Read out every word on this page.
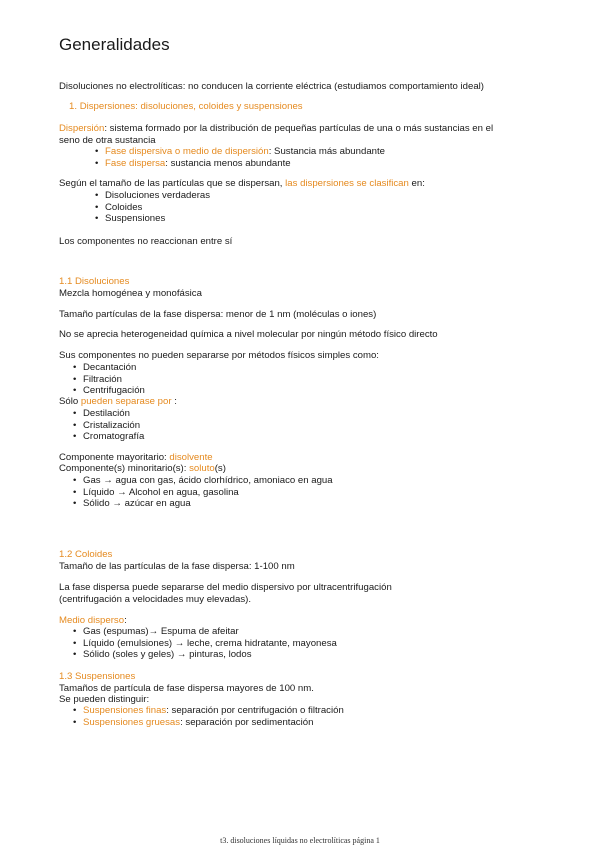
Generalidades
Disoluciones no electrolíticas: no conducen la corriente eléctrica (estudiamos comportamiento ideal)
1. Dispersiones: disoluciones, coloides y suspensiones
Dispersión: sistema formado por la distribución de pequeñas partículas de una o más sustancias en el seno de otra sustancia
• Fase dispersiva o medio de dispersión: Sustancia más abundante
• Fase dispersa: sustancia menos abundante
Según el tamaño de las partículas que se dispersan, las dispersiones se clasifican en:
• Disoluciones verdaderas
• Coloides
• Suspensiones
Los componentes no reaccionan entre sí
1.1 Disoluciones
Mezcla homogénea y monofásica
Tamaño partículas de la fase dispersa: menor de 1 nm (moléculas o iones)
No se aprecia heterogeneidad química a nivel molecular por ningún método físico directo
Sus componentes no pueden separarse por métodos físicos simples como:
• Decantación
• Filtración
• Centrifugación
Sólo pueden separase por :
• Destilación
• Cristalización
• Cromatografía
Componente mayoritario: disolvente
Componente(s) minoritario(s): soluto(s)
• Gas → agua con gas, ácido clorhídrico, amoniaco en agua
• Líquido → Alcohol en agua, gasolina
• Sólido → azúcar en agua
1.2 Coloides
Tamaño de las partículas de la fase dispersa: 1-100 nm
La fase dispersa puede separarse del medio dispersivo por ultracentrifugación
(centrifugación a velocidades muy elevadas).
Medio disperso:
• Gas (espumas)→ Espuma de afeitar
• Líquido (emulsiones) → leche, crema hidratante, mayonesa
• Sólido (soles y geles) → pinturas, lodos
1.3 Suspensiones
Tamaños de partícula de fase dispersa mayores de 100 nm.
Se pueden distinguir:
• Suspensiones finas: separación por centrifugación o filtración
• Suspensiones gruesas: separación por sedimentación
t3. disoluciones líquidas no electrolíticas página 1
